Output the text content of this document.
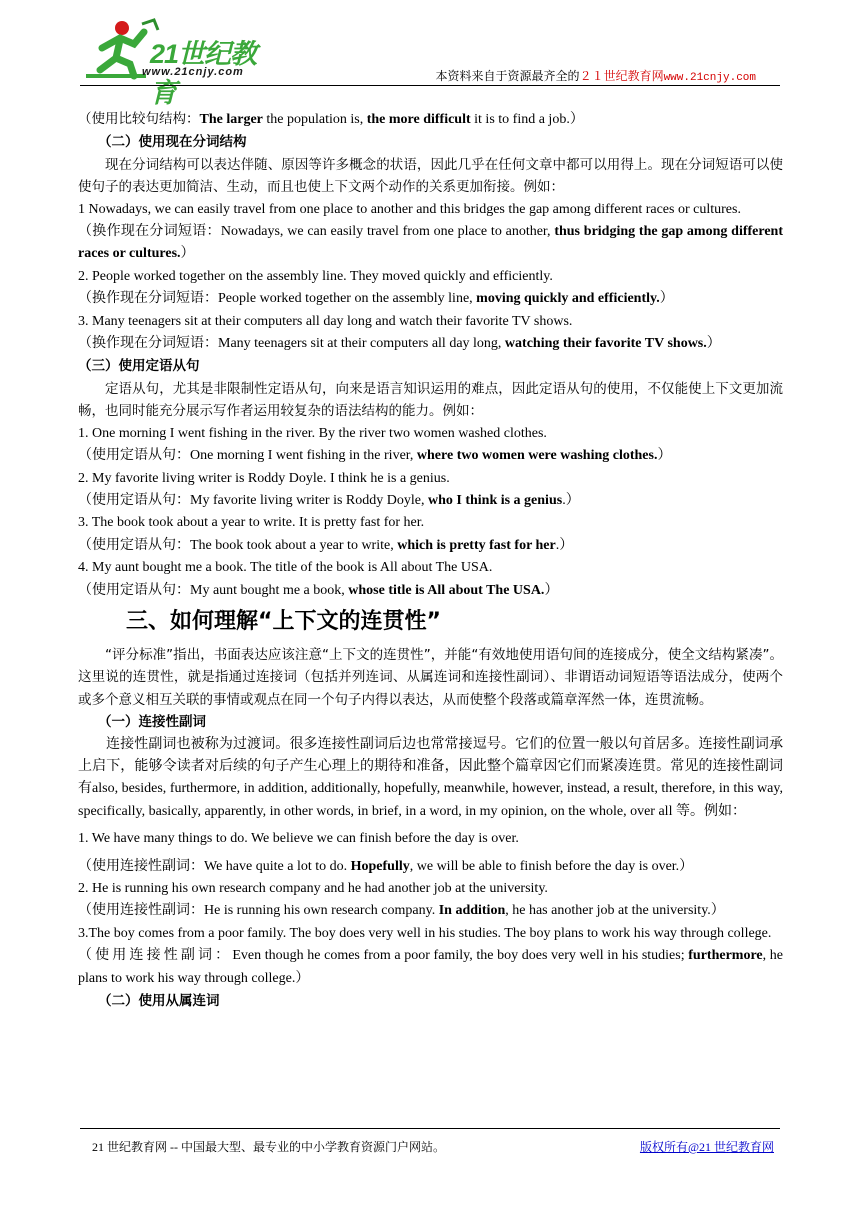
21世纪教育
www.21cnjy.com	本资料来自于资源最齐全的２１世纪教育网www.21cnjy.com

（使用比较句结构：The larger the population is, the more difficult it is to find a job.）

（二）使用现在分词结构

现在分词结构可以表达伴随、原因等许多概念的状语，因此几乎在任何文章中都可以用得上。现在分词短语可以使使句子的表达更加简洁、生动，而且也使上下文两个动作的关系更加衔接。例如：

1 Nowadays, we can easily travel from one place to another and this bridges the gap among different races or cultures.

（换作现在分词短语：Nowadays, we can easily travel from one place to another, thus bridging the gap among different races or cultures.）

2. People worked together on the assembly line. They moved quickly and efficiently.

（换作现在分词短语：People worked together on the assembly line, moving quickly and efficiently.）

3. Many teenagers sit at their computers all day long and watch their favorite TV shows.

（换作现在分词短语：Many teenagers sit at their computers all day long, watching their favorite TV shows.）

（三）使用定语从句

定语从句，尤其是非限制性定语从句，向来是语言知识运用的难点，因此定语从句的使用，不仅能使上下文更加流畅，也同时能充分展示写作者运用较复杂的语法结构的能力。例如：

1. One morning I went fishing in the river. By the river two women washed clothes.

（使用定语从句：One morning I went fishing in the river, where two women were washing clothes.）

2. My favorite living writer is Roddy Doyle. I think he is a genius.

（使用定语从句：My favorite living writer is Roddy Doyle, who I think is a genius.）

3. The book took about a year to write. It is pretty fast for her.

（使用定语从句：The book took about a year to write, which is pretty fast for her.）

4. My aunt bought me a book. The title of the book is All about The USA.

（使用定语从句：My aunt bought me a book, whose title is All about The USA.）

三、如何理解“上下文的连贯性”

“评分标准”指出，书面表达应该注意“上下文的连贯性”，并能“有效地使用语句间的连接成分，使全文结构紧凑”。这里说的连贯性，就是指通过连接词（包括并列连词、从属连词和连接性副词）、非谓语动词短语等语法成分，使两个或多个意义相互关联的事情或观点在同一个句子内得以表达，从而使整个段落或篇章浑然一体，连贯流畅。

（一）连接性副词

连接性副词也被称为过渡词。很多连接性副词后边也常常接逗号。它们的位置一般以句首居多。连接性副词承上启下，能够令读者对后续的句子产生心理上的期待和准备，因此整个篇章因它们而紧凑连贯。常见的连接性副词有also, besides, furthermore, in addition, additionally, hopefully, meanwhile, however, instead, a result, therefore, in this way, specifically, basically, apparently, in other words, in brief, in a word, in my opinion, on the whole, over all 等。例如：

1. We have many things to do. We believe we can finish before the day is over.

（使用连接性副词：We have quite a lot to do. Hopefully, we will be able to finish before the day is over.）

2. He is running his own research company and he had another job at the university.

（使用连接性副词：He is running his own research company. In addition, he has another job at the university.）

3.The boy comes from a poor family. The boy does very well in his studies. The boy plans to work his way through college.

（使用连接性副词：Even though he comes from a poor family, the boy does very well in his studies; furthermore, he plans to work his way through college.）

（二）使用从属连词

21 世纪教育网 -- 中国最大型、最专业的中小学教育资源门户网站。	版权所有@21 世纪教育网
